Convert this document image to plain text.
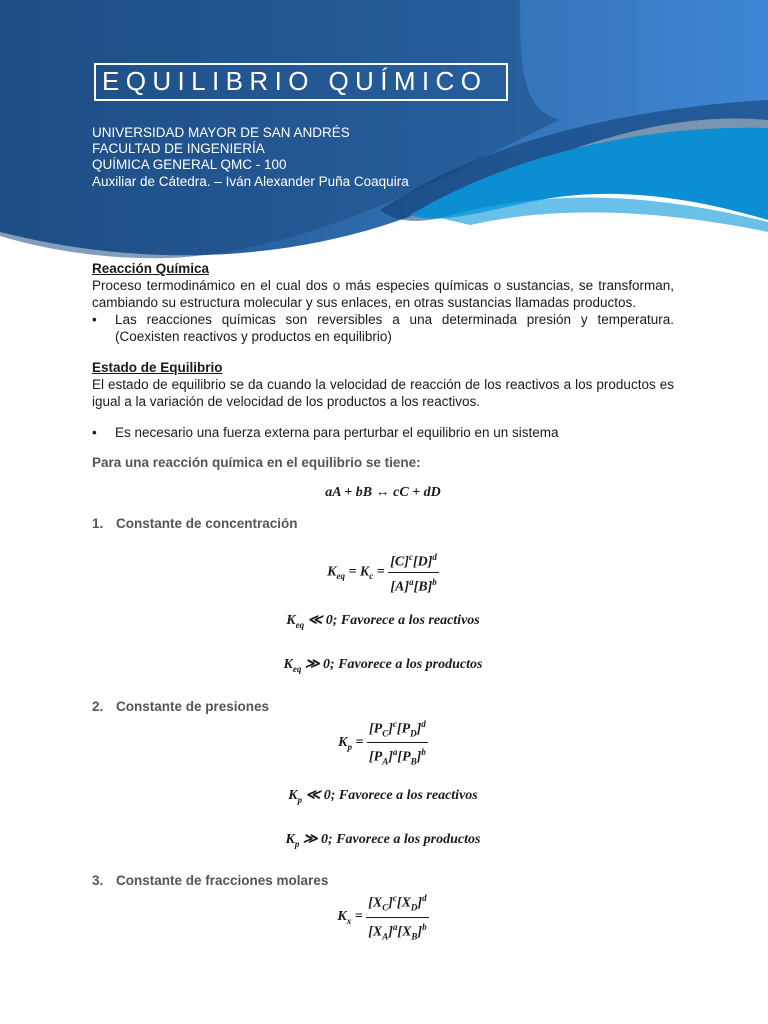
EQUILIBRIO QUÍMICO
UNIVERSIDAD MAYOR DE SAN ANDRÉS
FACULTAD DE INGENIERÍA
QUÍMICA GENERAL QMC - 100
Auxiliar de Cátedra. – Iván Alexander Puña Coaquira
Reacción Química
Proceso termodinámico en el cual dos o más especies químicas o sustancias, se transforman, cambiando su estructura molecular y sus enlaces, en otras sustancias llamadas productos.
•	Las reacciones químicas son reversibles a una determinada presión y temperatura. (Coexisten reactivos y productos en equilibrio)
Estado de Equilibrio
El estado de equilibrio se da cuando la velocidad de reacción de los reactivos a los productos es igual a la variación de velocidad de los productos a los reactivos.
•	Es necesario una fuerza externa para perturbar el equilibrio en un sistema
Para una reacción química en el equilibrio se tiene:
aA + bB ↔ cC + dD
1. Constante de concentración
$K_{eq} = K_c = \frac{[C]^c[D]^d}{[A]^a[B]^b}$
$K_{eq}$ ≪ 0; Favorece a los reactivos
$K_{eq}$ ≫ 0; Favorece a los productos
2. Constante de presiones
$K_p = \frac{[P_C]^c[P_D]^d}{[P_A]^a[P_B]^b}$
$K_p$ ≪ 0; Favorece a los reactivos
$K_p$ ≫ 0; Favorece a los productos
3. Constante de fracciones molares
$K_x = \frac{[X_C]^c[X_D]^d}{[X_A]^a[X_B]^b}$
